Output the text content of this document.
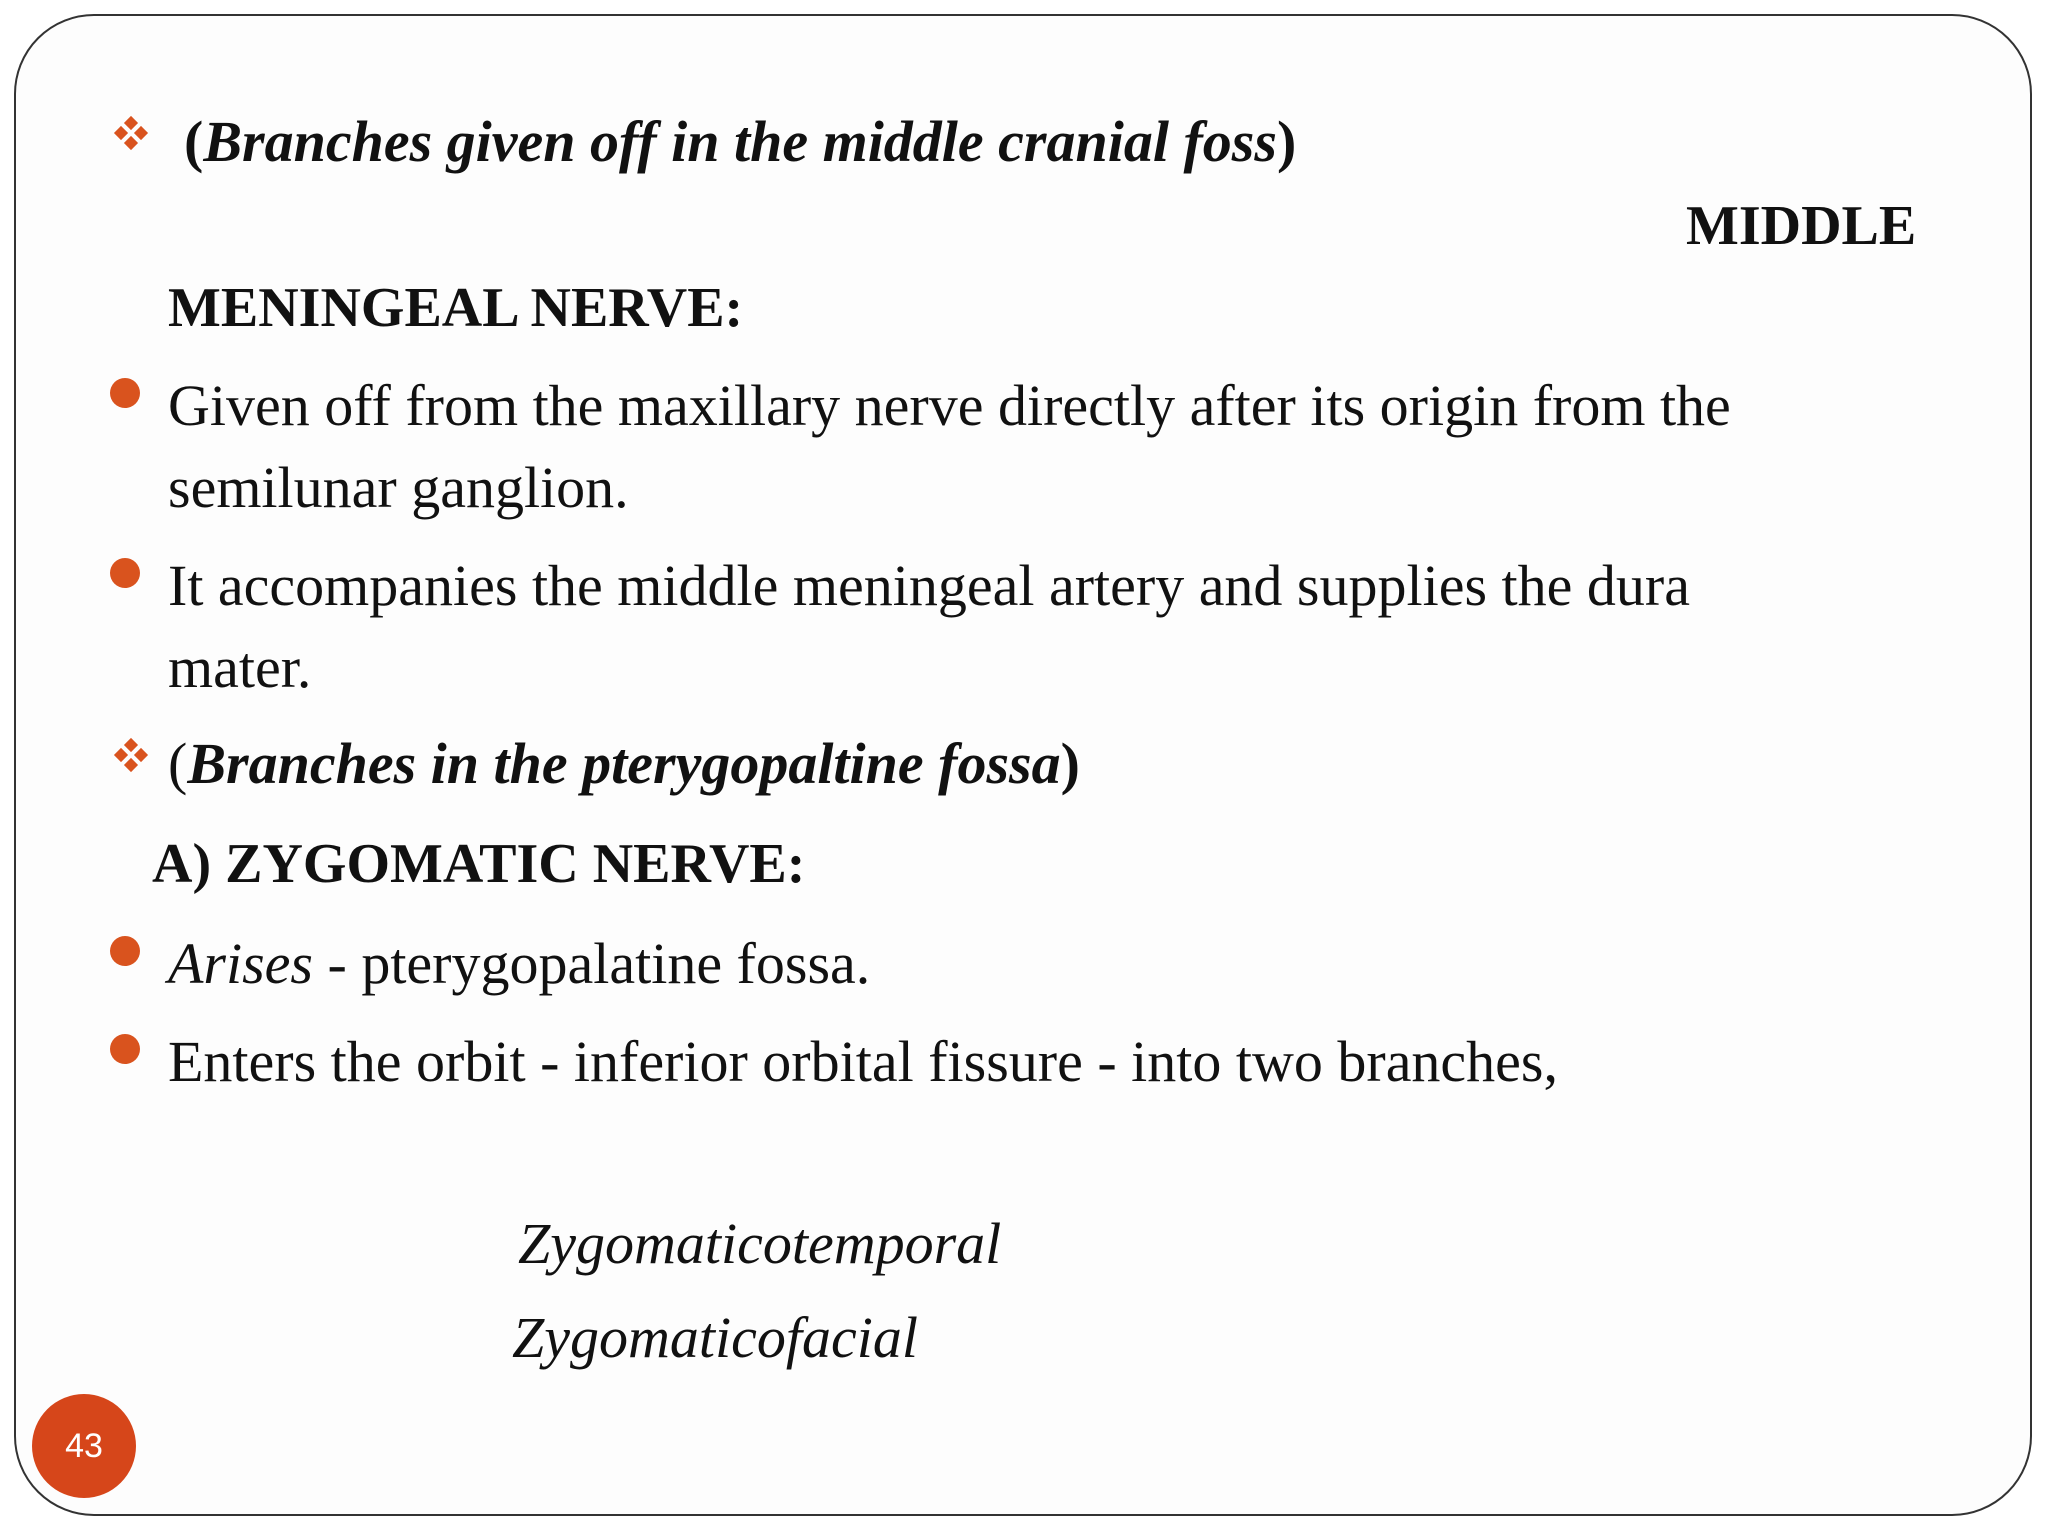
(Branches given off in the middle cranial foss)
MIDDLE
MENINGEAL NERVE:
Given off from the maxillary nerve directly after its origin from the
semilunar ganglion.
It accompanies the middle meningeal artery and supplies the dura
mater.
(Branches in the pterygopaltine fossa)
A) ZYGOMATIC NERVE:
Arises - pterygopalatine fossa.
Enters the orbit - inferior orbital fissure - into two branches,
Zygomaticotemporal
Zygomaticofacial
43
